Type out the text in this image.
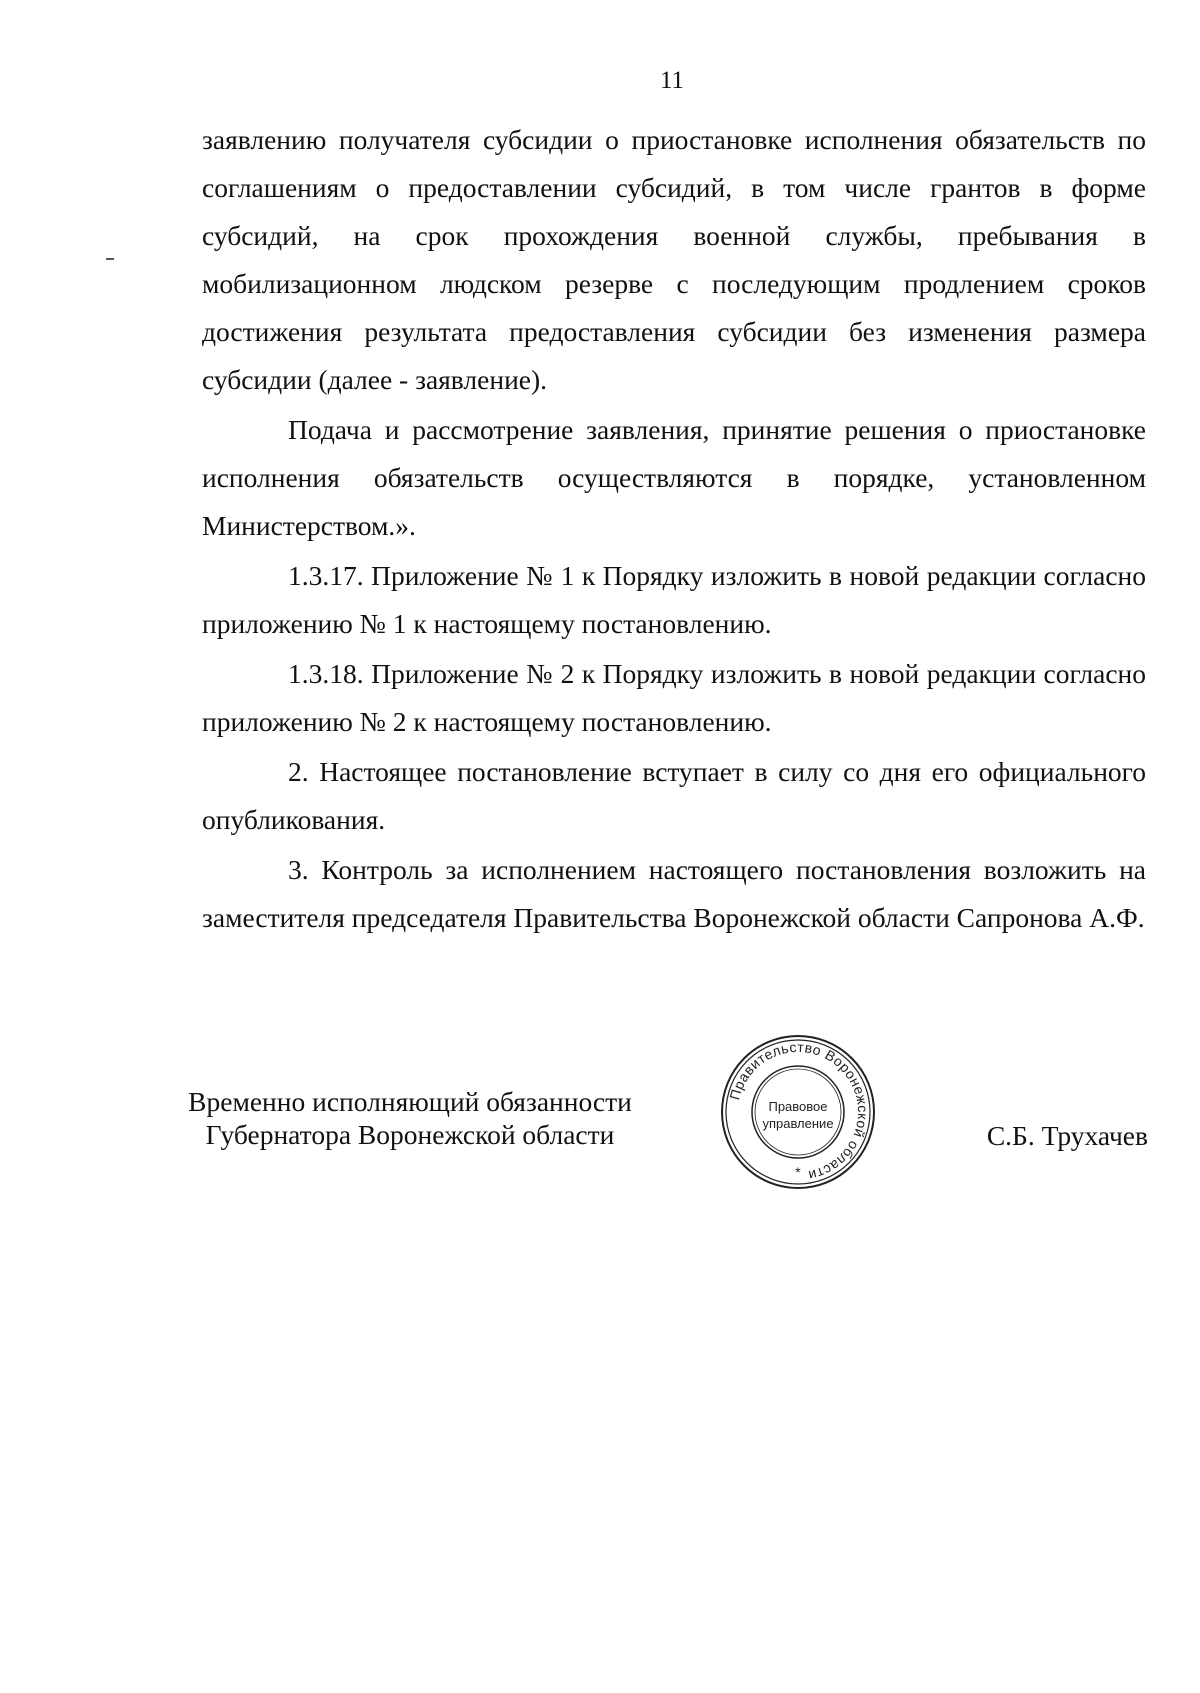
11

заявлению получателя субсидии о приостановке исполнения обязательств по соглашениям о предоставлении субсидий, в том числе грантов в форме субсидий, на срок прохождения военной службы, пребывания в мобилизационном людском резерве с последующим продлением сроков достижения результата предоставления субсидии без изменения размера субсидии (далее - заявление).

Подача и рассмотрение заявления, принятие решения о приостановке исполнения обязательств осуществляются в порядке, установленном Министерством.».

1.3.17. Приложение № 1 к Порядку изложить в новой редакции согласно приложению № 1 к настоящему постановлению.

1.3.18. Приложение № 2 к Порядку изложить в новой редакции согласно приложению № 2 к настоящему постановлению.

2. Настоящее постановление вступает в силу со дня его официального опубликования.

3. Контроль за исполнением настоящего постановления возложить на заместителя председателя Правительства Воронежской области Сапронова А.Ф.

Временно исполняющий обязанности
Губернатора Воронежской области
Правительство Воронежской области
Правовое
управление
*
С.Б. Трухачев
